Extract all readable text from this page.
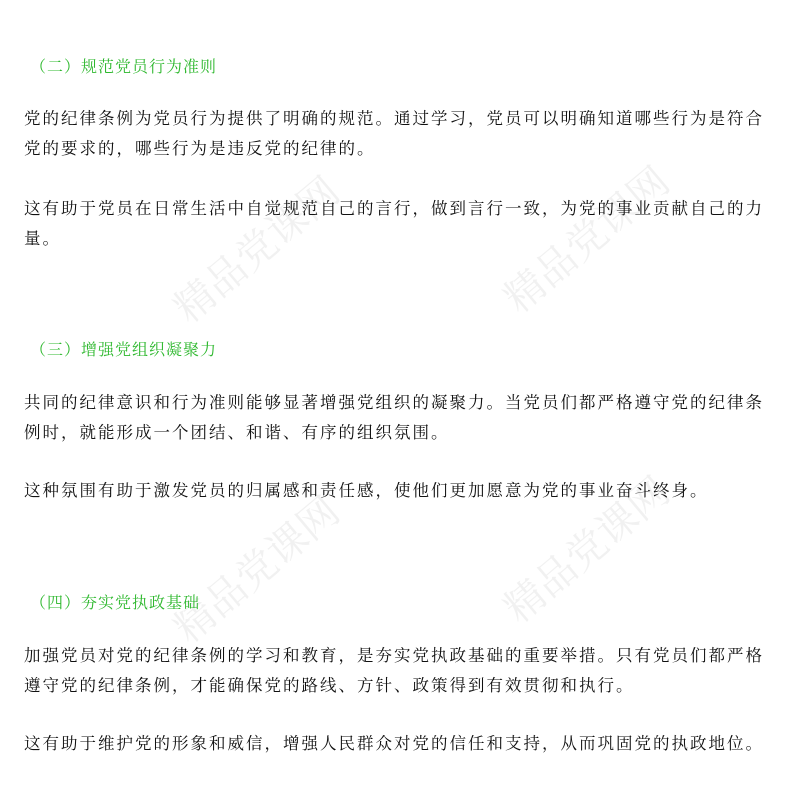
精品党课网	精品党课网
精品党课网	精品党课网
（二）规范党员行为准则
党的纪律条例为党员行为提供了明确的规范。通过学习，党员可以明确知道哪些行为是符合党的要求的，哪些行为是违反党的纪律的。
这有助于党员在日常生活中自觉规范自己的言行，做到言行一致，为党的事业贡献自己的力量。
（三）增强党组织凝聚力
共同的纪律意识和行为准则能够显著增强党组织的凝聚力。当党员们都严格遵守党的纪律条例时，就能形成一个团结、和谐、有序的组织氛围。
这种氛围有助于激发党员的归属感和责任感，使他们更加愿意为党的事业奋斗终身。
（四）夯实党执政基础
加强党员对党的纪律条例的学习和教育，是夯实党执政基础的重要举措。只有党员们都严格遵守党的纪律条例，才能确保党的路线、方针、政策得到有效贯彻和执行。
这有助于维护党的形象和威信，增强人民群众对党的信任和支持，从而巩固党的执政地位。
